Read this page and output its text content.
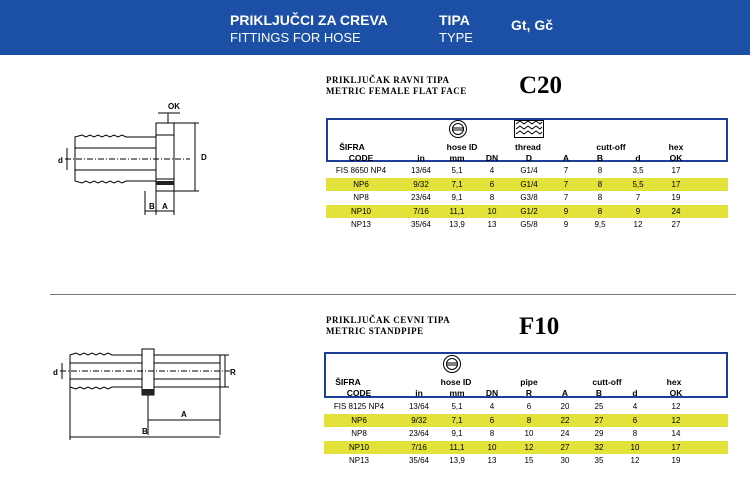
PRIKLJUČCI ZA CREVA
FITTINGS FOR HOSE
TIPA
TYPE
Gt, Gč
OK
d	D
B A
PRIKLJUČAK RAVNI TIPA
METRIC FEMALE FLAT FACE C20
ŠIFRA	hose ID	thread	cutt-off	hex
CODE	in	mm	DN	D	A	B	d	OK
FIS 8650 NP4	13/64	5,1	4	G1/4	7	8	3,5	17
NP6	9/32	7,1	6	G1/4	7	8	5,5	17
NP8	23/64	9,1	8	G3/8	7	8	7	19
NP10	7/16	11,1	10	G1/2	9	8	9	24
NP13	35/64	13,9	13	G5/8	9	9,5	12	27
d	R
A
B
PRIKLJUČAK CEVNI TIPA
METRIC STANDPIPE	F10
ŠIFRA	hose ID	pipe	cutt-off	hex
CODE	in	mm	DN	R	A	B	d	OK
FIS 8125 NP4	13/64	5,1	4	6	20	25	4	12
NP6	9/32	7,1	6	8	22	27	6	12
NP8	23/64	9,1	8	10	24	29	8	14
NP10	7/16	11,1	10	12	27	32	10	17
NP13	35/64	13,9	13	15	30	35	12	19
